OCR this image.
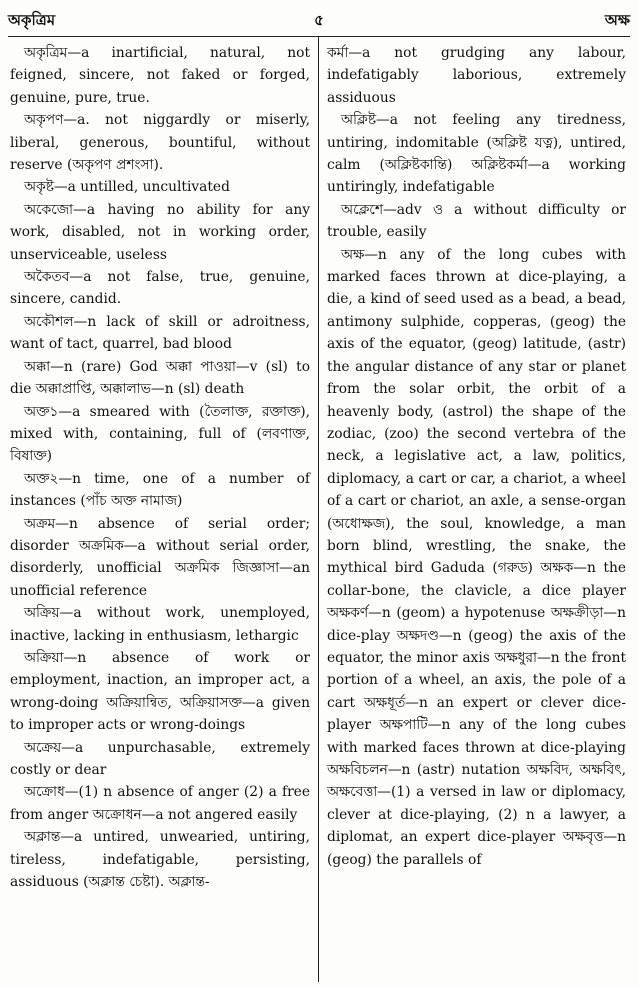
অকৃত্রিম	৫	অক্ষ

অকৃত্রিম—a inartificial, natural, not feigned, sincere, not faked or forged, genuine, pure, true.

অকৃপণ—a. not niggardly or miserly, liberal, generous, bountiful, without reserve (অকৃপণ প্রশংসা).

অকৃষ্ট—a untilled, uncultivated

অকেজো—a having no ability for any work, disabled, not in working order, unserviceable, useless

অকৈতব—a not false, true, genuine, sincere, candid.

অকৌশল—n lack of skill or adroitness, want of tact, quarrel, bad blood

অক্কা—n (rare) God অক্কা পাওয়া—v (sl) to die অক্কাপ্রাপ্তি, অক্কালাভ—n (sl) death

অক্ত১—a smeared with (তৈলাক্ত, রক্তাক্ত), mixed with, containing, full of (লবণাক্ত, বিষাক্ত)

অক্ত২—n time, one of a number of instances (পাঁচ অক্ত নামাজ)

অক্রম—n absence of serial order; disorder অক্রমিক—a without serial order, disorderly, unofficial অক্রমিক জিজ্ঞাসা—an unofficial reference

অক্রিয়—a without work, unemployed, inactive, lacking in enthusiasm, lethargic

অক্রিয়া—n absence of work or employment, inaction, an improper act, a wrong-doing অক্রিয়ান্বিত, অক্রিয়াসক্ত—a given to improper acts or wrong-doings

অক্রেয়—a unpurchasable, extremely costly or dear

অক্রোধ—(1) n absence of anger (2) a free from anger অক্রোধন—a not angered easily

অক্লান্ত—a untired, unwearied, untiring, tireless, indefatigable, persisting, assiduous (অক্লান্ত চেষ্টা). অক্লান্ত-

কর্মা—a not grudging any labour, indefatigably laborious, extremely assiduous

অক্লিষ্ট—a not feeling any tiredness, untiring, indomitable (অক্লিষ্ট যত্ন), untired, calm (অক্লিষ্টকান্তি) অক্লিষ্টকর্মা—a working untiringly, indefatigable

অক্লেশে—adv ও a without difficulty or trouble, easily

অক্ষ—n any of the long cubes with marked faces thrown at dice-playing, a die, a kind of seed used as a bead, a bead, antimony sulphide, copperas, (geog) the axis of the equator, (geog) latitude, (astr) the angular distance of any star or planet from the solar orbit, the orbit of a heavenly body, (astrol) the shape of the zodiac, (zoo) the second vertebra of the neck, a legislative act, a law, politics, diplomacy, a cart or car, a chariot, a wheel of a cart or chariot, an axle, a sense-organ (অধোক্ষজ), the soul, knowledge, a man born blind, wrestling, the snake, the mythical bird Gaduda (গরুড) অক্ষক—n the collar-bone, the clavicle, a dice player অক্ষকর্ণ—n (geom) a hypotenuse অক্ষক্রীড়া—n dice-play অক্ষদণ্ড—n (geog) the axis of the equator, the minor axis অক্ষধুরা—n the front portion of a wheel, an axis, the pole of a cart অক্ষধূর্ত—n an expert or clever dice-player অক্ষপাটি—n any of the long cubes with marked faces thrown at dice-playing অক্ষবিচলন—n (astr) nutation অক্ষবিদ, অক্ষবিৎ, অক্ষবেত্তা—(1) a versed in law or diplomacy, clever at dice-playing, (2) n a lawyer, a diplomat, an expert dice-player অক্ষবৃত্ত—n (geog) the parallels of
